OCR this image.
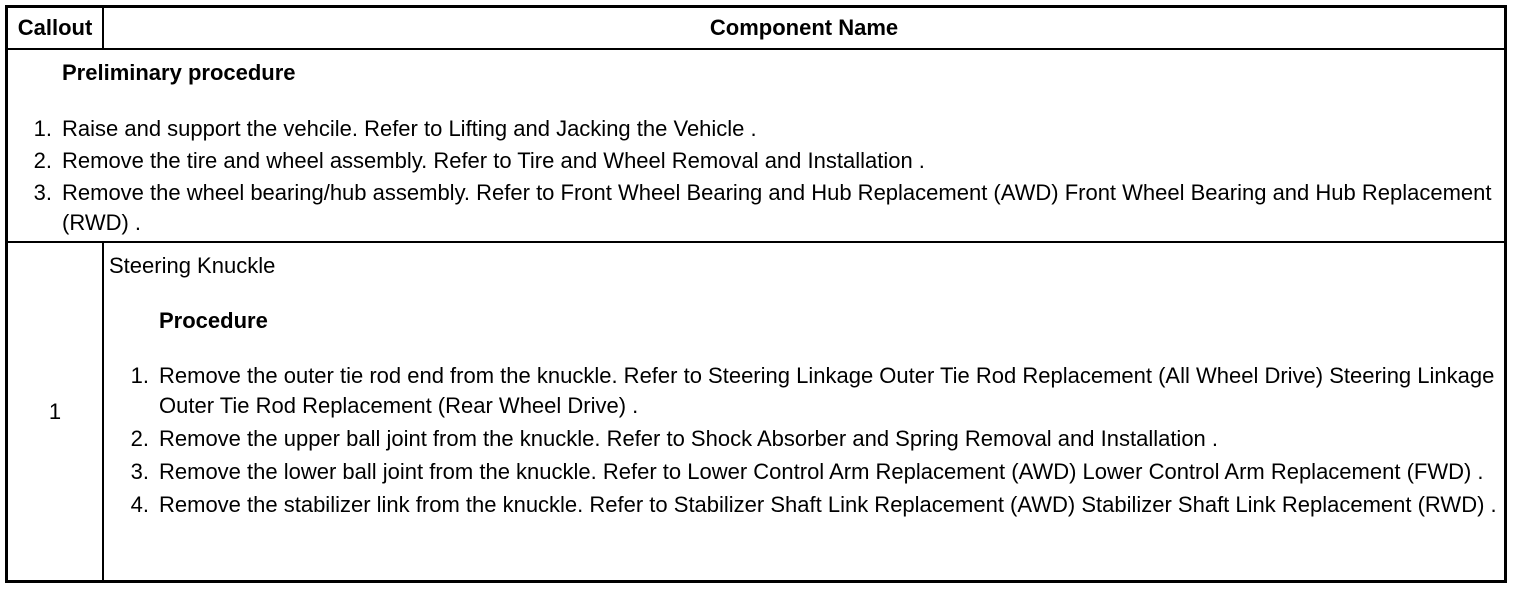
Callout	Component Name
Preliminary procedure
1. Raise and support the vehcile. Refer to Lifting and Jacking the Vehicle .
2. Remove the tire and wheel assembly. Refer to Tire and Wheel Removal and Installation .
3. Remove the wheel bearing/hub assembly. Refer to Front Wheel Bearing and Hub Replacement (AWD) Front Wheel Bearing and Hub Replacement (RWD) .
1
Steering Knuckle
Procedure
1. Remove the outer tie rod end from the knuckle. Refer to Steering Linkage Outer Tie Rod Replacement (All Wheel Drive) Steering Linkage Outer Tie Rod Replacement (Rear Wheel Drive) .
2. Remove the upper ball joint from the knuckle. Refer to Shock Absorber and Spring Removal and Installation .
3. Remove the lower ball joint from the knuckle. Refer to Lower Control Arm Replacement (AWD) Lower Control Arm Replacement (FWD) .
4. Remove the stabilizer link from the knuckle. Refer to Stabilizer Shaft Link Replacement (AWD) Stabilizer Shaft Link Replacement (RWD) .
